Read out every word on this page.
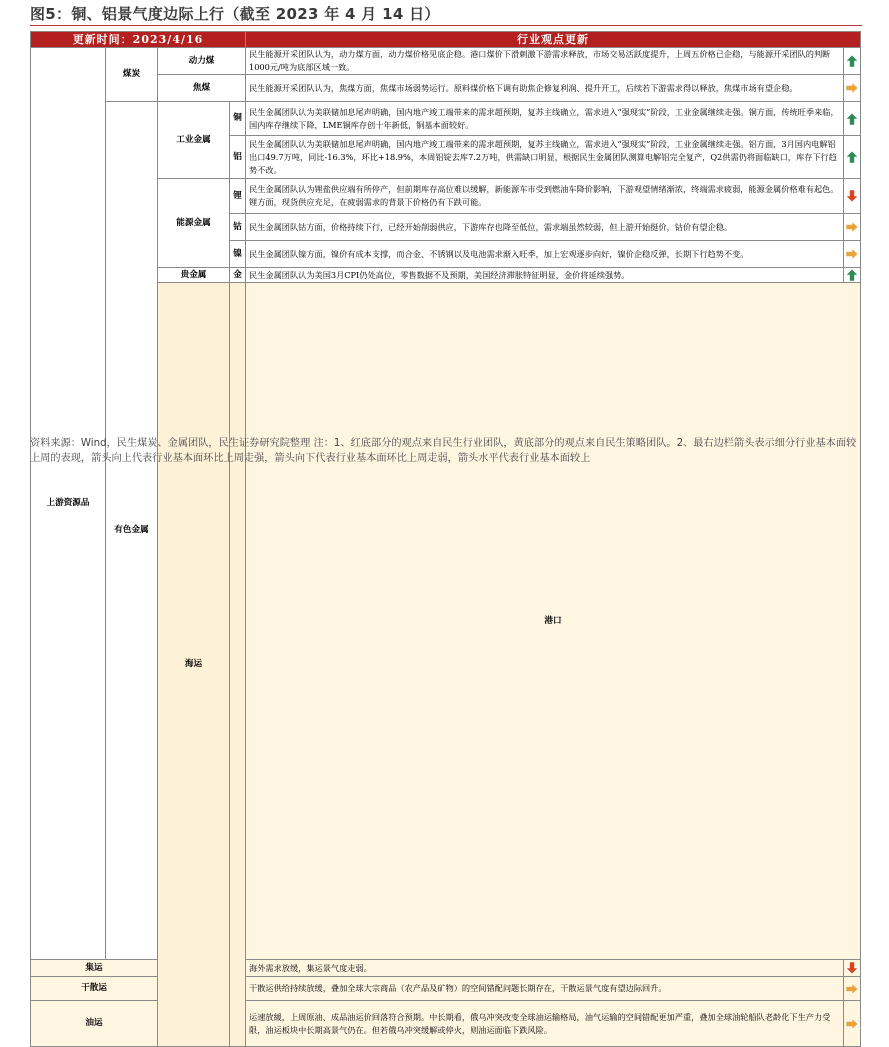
图5：铜、铝景气度边际上行（截至 2023 年 4 月 14 日）
更新时间：2023/4/16				行业观点更新		
上游资源品	煤炭	动力煤		民生能源开采团队认为，动力煤方面，动力煤价格见底企稳。港口煤价下滑刺激下游需求释放，市场交易活跃度提升，上周五价格已企稳，与能源开采团队的判断1000元/吨为底部区域一致。	
		焦煤		民生能源开采团队认为，焦煤方面，焦煤市场弱势运行。原料煤价格下调有助焦企修复利润、提升开工，后续若下游需求得以释放，焦煤市场有望企稳。	
	有色金属	工业金属	铜	民生金属团队认为美联储加息尾声明确，国内地产竣工端带来的需求超预期，复苏主线确立，需求进入“强现实”阶段，工业金属继续走强。铜方面，传统旺季来临，国内库存继续下降，LME铜库存创十年新低，铜基本面较好。	
			铝	民生金属团队认为美联储加息尾声明确，国内地产竣工端带来的需求超预期，复苏主线确立，需求进入“强现实”阶段，工业金属继续走强。铝方面，3月国内电解铝出口49.7万吨，同比-16.3%，环比+18.9%，本周铝锭去库7.2万吨，供需缺口明显，根据民生金属团队测算电解铝完全复产，Q2供需仍将面临缺口，库存下行趋势不改。	
		能源金属	锂	民生金属团队认为锂盐供应端有所停产，但前期库存高位难以缓解，新能源车市受到燃油车降价影响，下游观望情绪渐浓，终端需求疲弱，能源金属价格难有起色。锂方面，现货供应充足，在疲弱需求的背景下价格仍有下跌可能。	
			钴	民生金属团队钴方面，价格持续下行，已经开始削弱供应，下游库存也降至低位，需求端虽然较弱，但上游开始挺价，钴价有望企稳。	
			镍	民生金属团队镍方面，镍价有成本支撑，而合金、不锈钢以及电池需求渐入旺季，加上宏观逐步向好，镍价企稳反弹，长期下行趋势不变。	
		贵金属	金	民生金属团队认为美国3月CPI仍处高位，零售数据不及预期，美国经济滞胀特征明显，金价将延续强势。	
		海运		港口		
集运				海外需求放缓，集运景气度走弱。	
干散运				干散运供给持续放缓，叠加全球大宗商品（农产品及矿物）的空间错配问题长期存在，干散运景气度有望边际回升。	
油运				运速放緩，上周原油、成品油运价回落符合预期。中长期看，俄乌冲突改变全球油运输格局，油气运输的空间错配更加严重，叠加全球油轮船队老龄化下生产力受限，油运板块中长期高景气仍在。但若俄乌冲突缓解或停火，则油运面临下跌风险。	
资料来源：Wind，民生煤炭、金属团队，民生证券研究院整理 注：1、红底部分的观点来自民生行业团队，黄底部分的观点来自民生策略团队。2、最右边栏箭头表示细分行业基本面较上周的表现，箭头向上代表行业基本面环比上周走强，箭头向下代表行业基本面环比上周走弱，箭头水平代表行业基本面较上
